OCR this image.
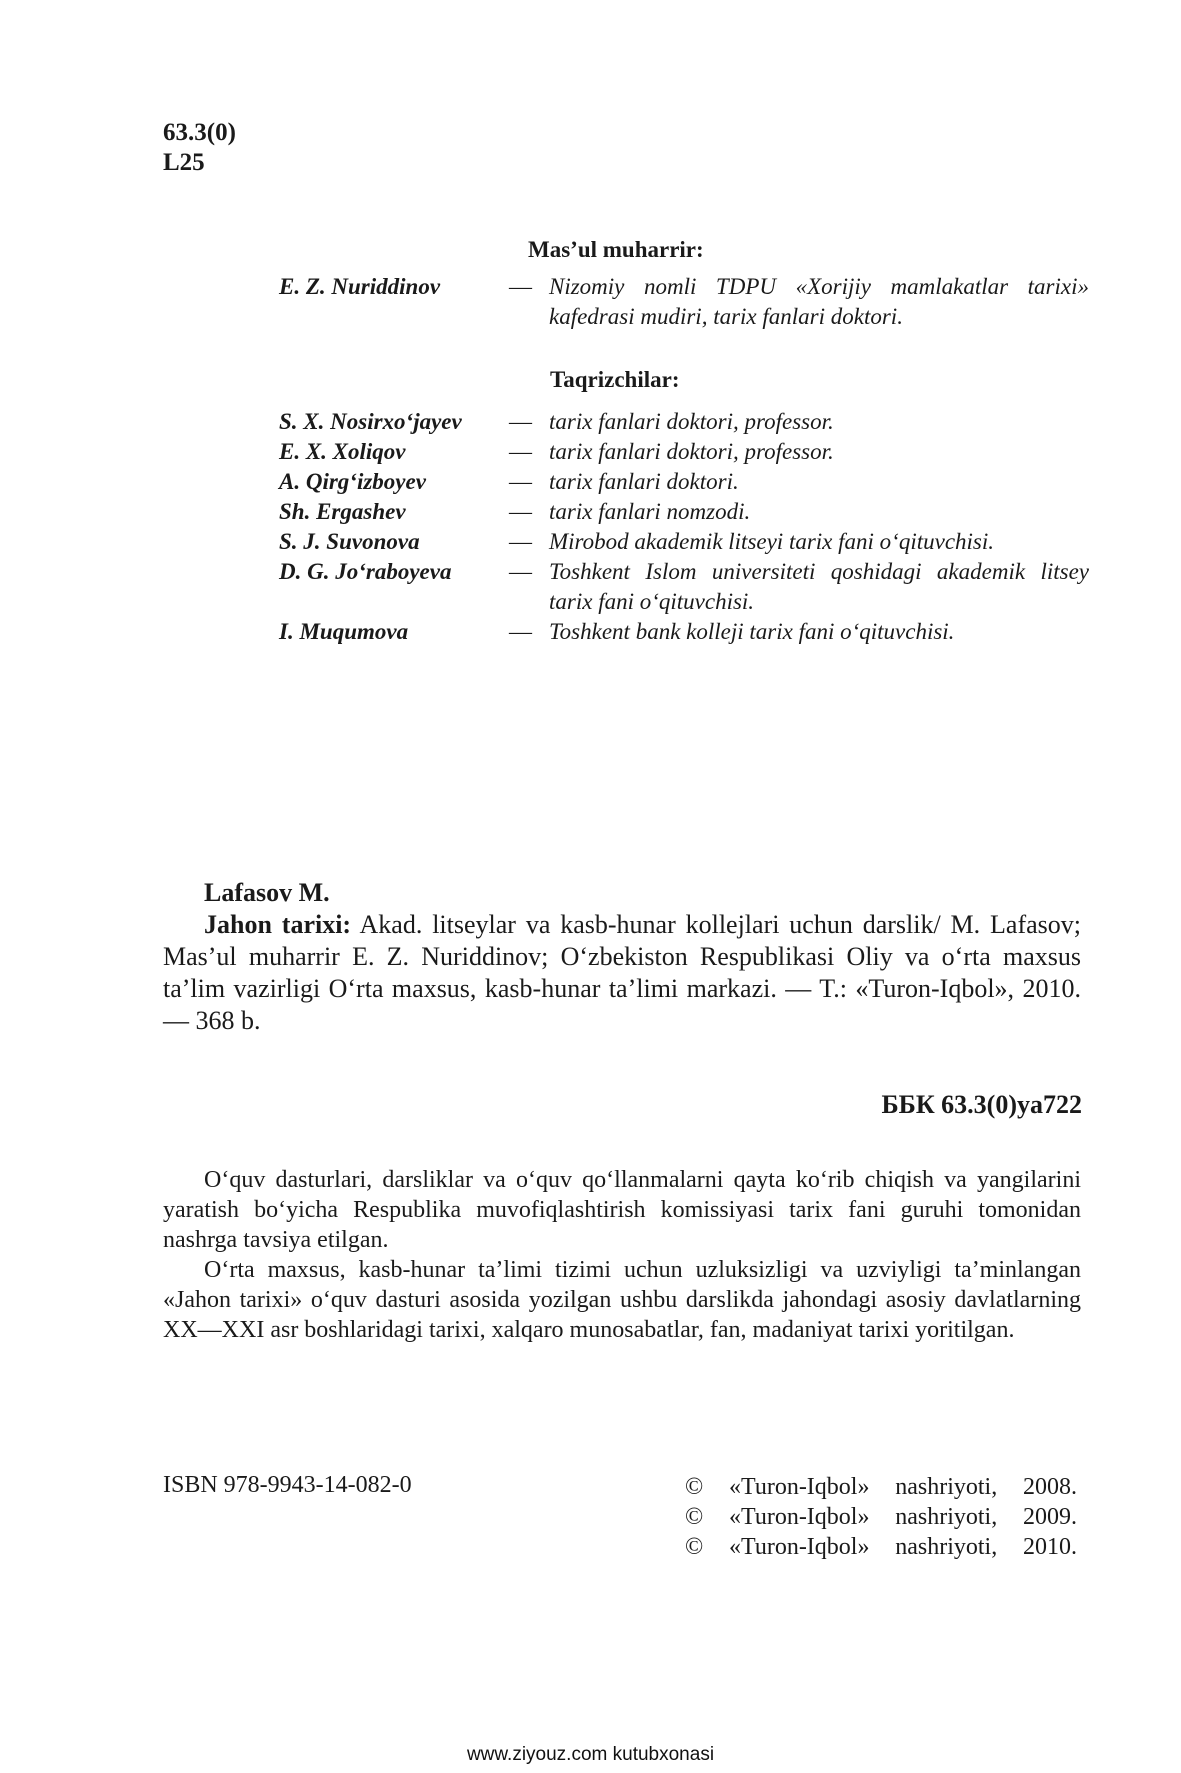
63.3(0)
L25
Mas’ul muharrir:
E. Z. Nuriddinov	— Nizomiy nomli TDPU «Xorijiy mamlakatlar tarixi» kafedrasi mudiri, tarix fanlari doktori.
Taqrizchilar:
S. X. Nosirxo‘jayev — tarix fanlari doktori, professor.
E. X. Xoliqov	— tarix fanlari doktori, professor.
A. Qirg‘izboyev	— tarix fanlari doktori.
Sh. Ergashev	— tarix fanlari nomzodi.
S. J. Suvonova	— Mirobod akademik litseyi tarix fani o‘qituvchisi.
D. G. Jo‘raboyeva	— Toshkent Islom universiteti qoshidagi akademik litsey tarix fani o‘qituvchisi.
I. Muqumova	— Toshkent bank kolleji tarix fani o‘qituvchisi.
Lafasov M.

Jahon tarixi: Akad. litseylar va kasb-hunar kollejlari uchun darslik/ M. Lafasov; Mas’ul muharrir E. Z. Nuriddinov; O‘zbekiston Respublikasi Oliy va o‘rta maxsus ta’lim vazirligi O‘rta maxsus, kasb-hunar ta’limi markazi. — T.: «Turon-Iqbol», 2010. — 368 b.

ББК 63.3(0)ya722

O‘quv dasturlari, darsliklar va o‘quv qo‘llanmalarni qayta ko‘rib chiqish va yangilarini yaratish bo‘yicha Respublika muvofiqlashtirish komissiyasi tarix fani guruhi tomonidan nashrga tavsiya etilgan.

O‘rta maxsus, kasb-hunar ta’limi tizimi uchun uzluksizligi va uzviyligi ta’minlangan «Jahon tarixi» o‘quv dasturi asosida yozilgan ushbu darslikda jahondagi asosiy davlatlarning XX—XXI asr boshlaridagi tarixi, xalqaro munosabatlar, fan, madaniyat tarixi yoritilgan.

ISBN 978-9943-14-082-0	© «Turon-Iqbol» nashriyoti, 2008.
© «Turon-Iqbol» nashriyoti, 2009.
© «Turon-Iqbol» nashriyoti, 2010.
www.ziyouz.com kutubxonasi
